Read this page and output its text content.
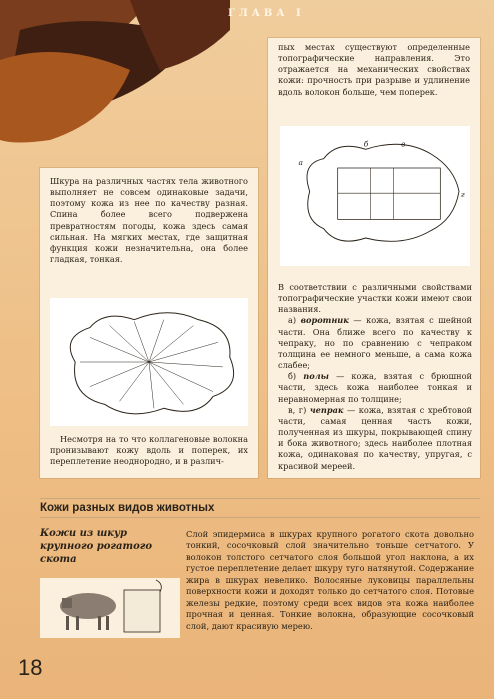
ГЛАВА I
пых местах существуют определенные топографические направления. Это отражается на механических свойствах кожи: прочность при разрыве и удлинение вдоль волокон больше, чем поперек.
а
б	в
г

В соответствии с различными свойствами топографические участки кожи имеют свои названия.

а) воротник — кожа, взятая с шейной части. Она ближе всего по качеству к чепраку, но по сравнению с чепраком толщина ее немного меньше, а сама кожа слабее;

б) полы — кожа, взятая с брюшной части, здесь кожа наиболее тонкая и неравномерная по толщине;

в, г) чепрак — кожа, взятая с хребтовой части, самая ценная часть кожи, полученная из шкуры, покрывающей спину и бока животного; здесь наиболее плотная кожа, одинаковая по качеству, упругая, с красивой мереей.

Шкура на различных частях тела животного выполняет не совсем одинаковые задачи, поэтому кожа из нее по качеству разная. Спина более всего подвержена превратностям погоды, кожа здесь самая сильная. На мягких местах, где защитная функция кожи незначительна, она более гладкая, тонкая.
Несмотря на то что коллагеновые волокна пронизывают кожу вдоль и поперек, их переплетение неоднородно, и в различ-
Кожи разных видов животных
Кожи из шкур крупного рогатого скота
Слой эпидермиса в шкурах крупного рогатого скота довольно тонкий, сосочковый слой значительно тоньше сетчатого. У волокон толстого сетчатого слоя большой угол наклона, а их густое переплетение делает шкуру туго натянутой. Содержание жира в шкурах невелико. Волосяные луковицы параллельны поверхности кожи и доходят только до сетчатого слоя. Потовые железы редкие, поэтому среди всех видов эта кожа наиболее прочная и ценная. Тонкие волокна, образующие сосочковый слой, дают красивую мерею.
18
